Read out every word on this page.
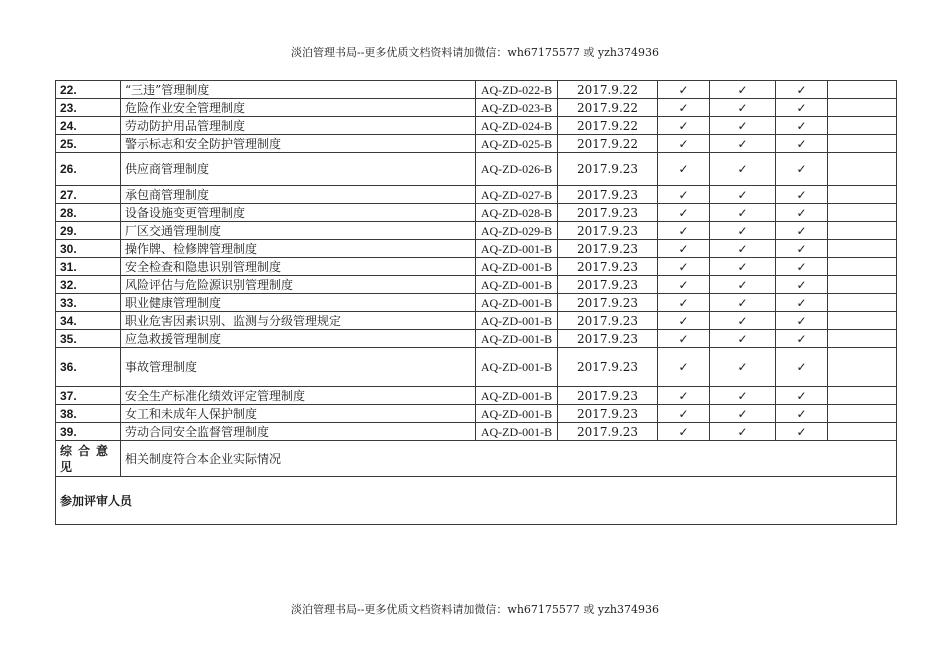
淡泊管理书局--更多优质文档资料请加微信：wh67175577 或 yzh374936
22.	“三违”管理制度	AQ-ZD-022-B	2017.9.22	✓	✓	✓	
23.	危险作业安全管理制度	AQ-ZD-023-B	2017.9.22	✓	✓	✓	
24.	劳动防护用品管理制度	AQ-ZD-024-B	2017.9.22	✓	✓	✓	
25.	警示标志和安全防护管理制度	AQ-ZD-025-B	2017.9.22	✓	✓	✓	
26.	供应商管理制度	AQ-ZD-026-B	2017.9.23	✓	✓	✓	
27.	承包商管理制度	AQ-ZD-027-B	2017.9.23	✓	✓	✓	
28.	设备设施变更管理制度	AQ-ZD-028-B	2017.9.23	✓	✓	✓	
29.	厂区交通管理制度	AQ-ZD-029-B	2017.9.23	✓	✓	✓	
30.	操作牌、检修牌管理制度	AQ-ZD-001-B	2017.9.23	✓	✓	✓	
31.	安全检查和隐患识别管理制度	AQ-ZD-001-B	2017.9.23	✓	✓	✓	
32.	风险评估与危险源识别管理制度	AQ-ZD-001-B	2017.9.23	✓	✓	✓	
33.	职业健康管理制度	AQ-ZD-001-B	2017.9.23	✓	✓	✓	
34.	职业危害因素识别、监测与分级管理规定	AQ-ZD-001-B	2017.9.23	✓	✓	✓	
35.	应急救援管理制度	AQ-ZD-001-B	2017.9.23	✓	✓	✓	
36.	事故管理制度	AQ-ZD-001-B	2017.9.23	✓	✓	✓	
37.	安全生产标准化绩效评定管理制度	AQ-ZD-001-B	2017.9.23	✓	✓	✓	
38.	女工和未成年人保护制度	AQ-ZD-001-B	2017.9.23	✓	✓	✓	
39.	劳动合同安全监督管理制度	AQ-ZD-001-B	2017.9.23	✓	✓	✓	

综合意
见	相关制度符合本企业实际情况						
参加评审人员							
淡泊管理书局--更多优质文档资料请加微信：wh67175577 或 yzh374936
